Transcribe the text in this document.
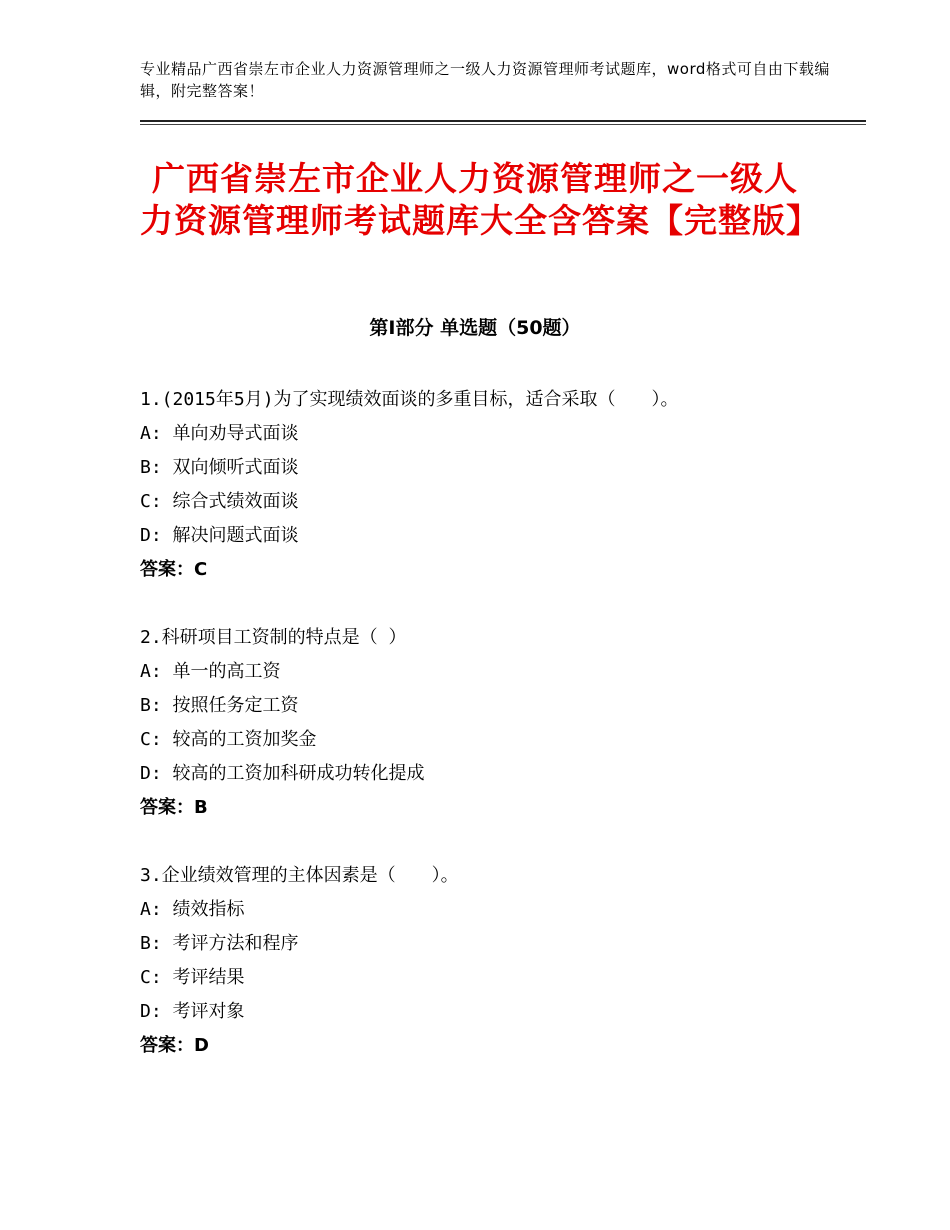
专业精品广西省崇左市企业人力资源管理师之一级人力资源管理师考试题库，word格式可自由下载编辑，附完整答案！
广西省崇左市企业人力资源管理师之一级人力资源管理师考试题库大全含答案【完整版】
第Ⅰ部分 单选题（50题）
1.(2015年5月)为了实现绩效面谈的多重目标，适合采取（　　）。
A: 单向劝导式面谈
B: 双向倾听式面谈
C: 综合式绩效面谈
D: 解决问题式面谈
答案：C
2.科研项目工资制的特点是（ ）
A: 单一的高工资
B: 按照任务定工资
C: 较高的工资加奖金
D: 较高的工资加科研成功转化提成
答案：B
3.企业绩效管理的主体因素是（　　）。
A: 绩效指标
B: 考评方法和程序
C: 考评结果
D: 考评对象
答案：D
